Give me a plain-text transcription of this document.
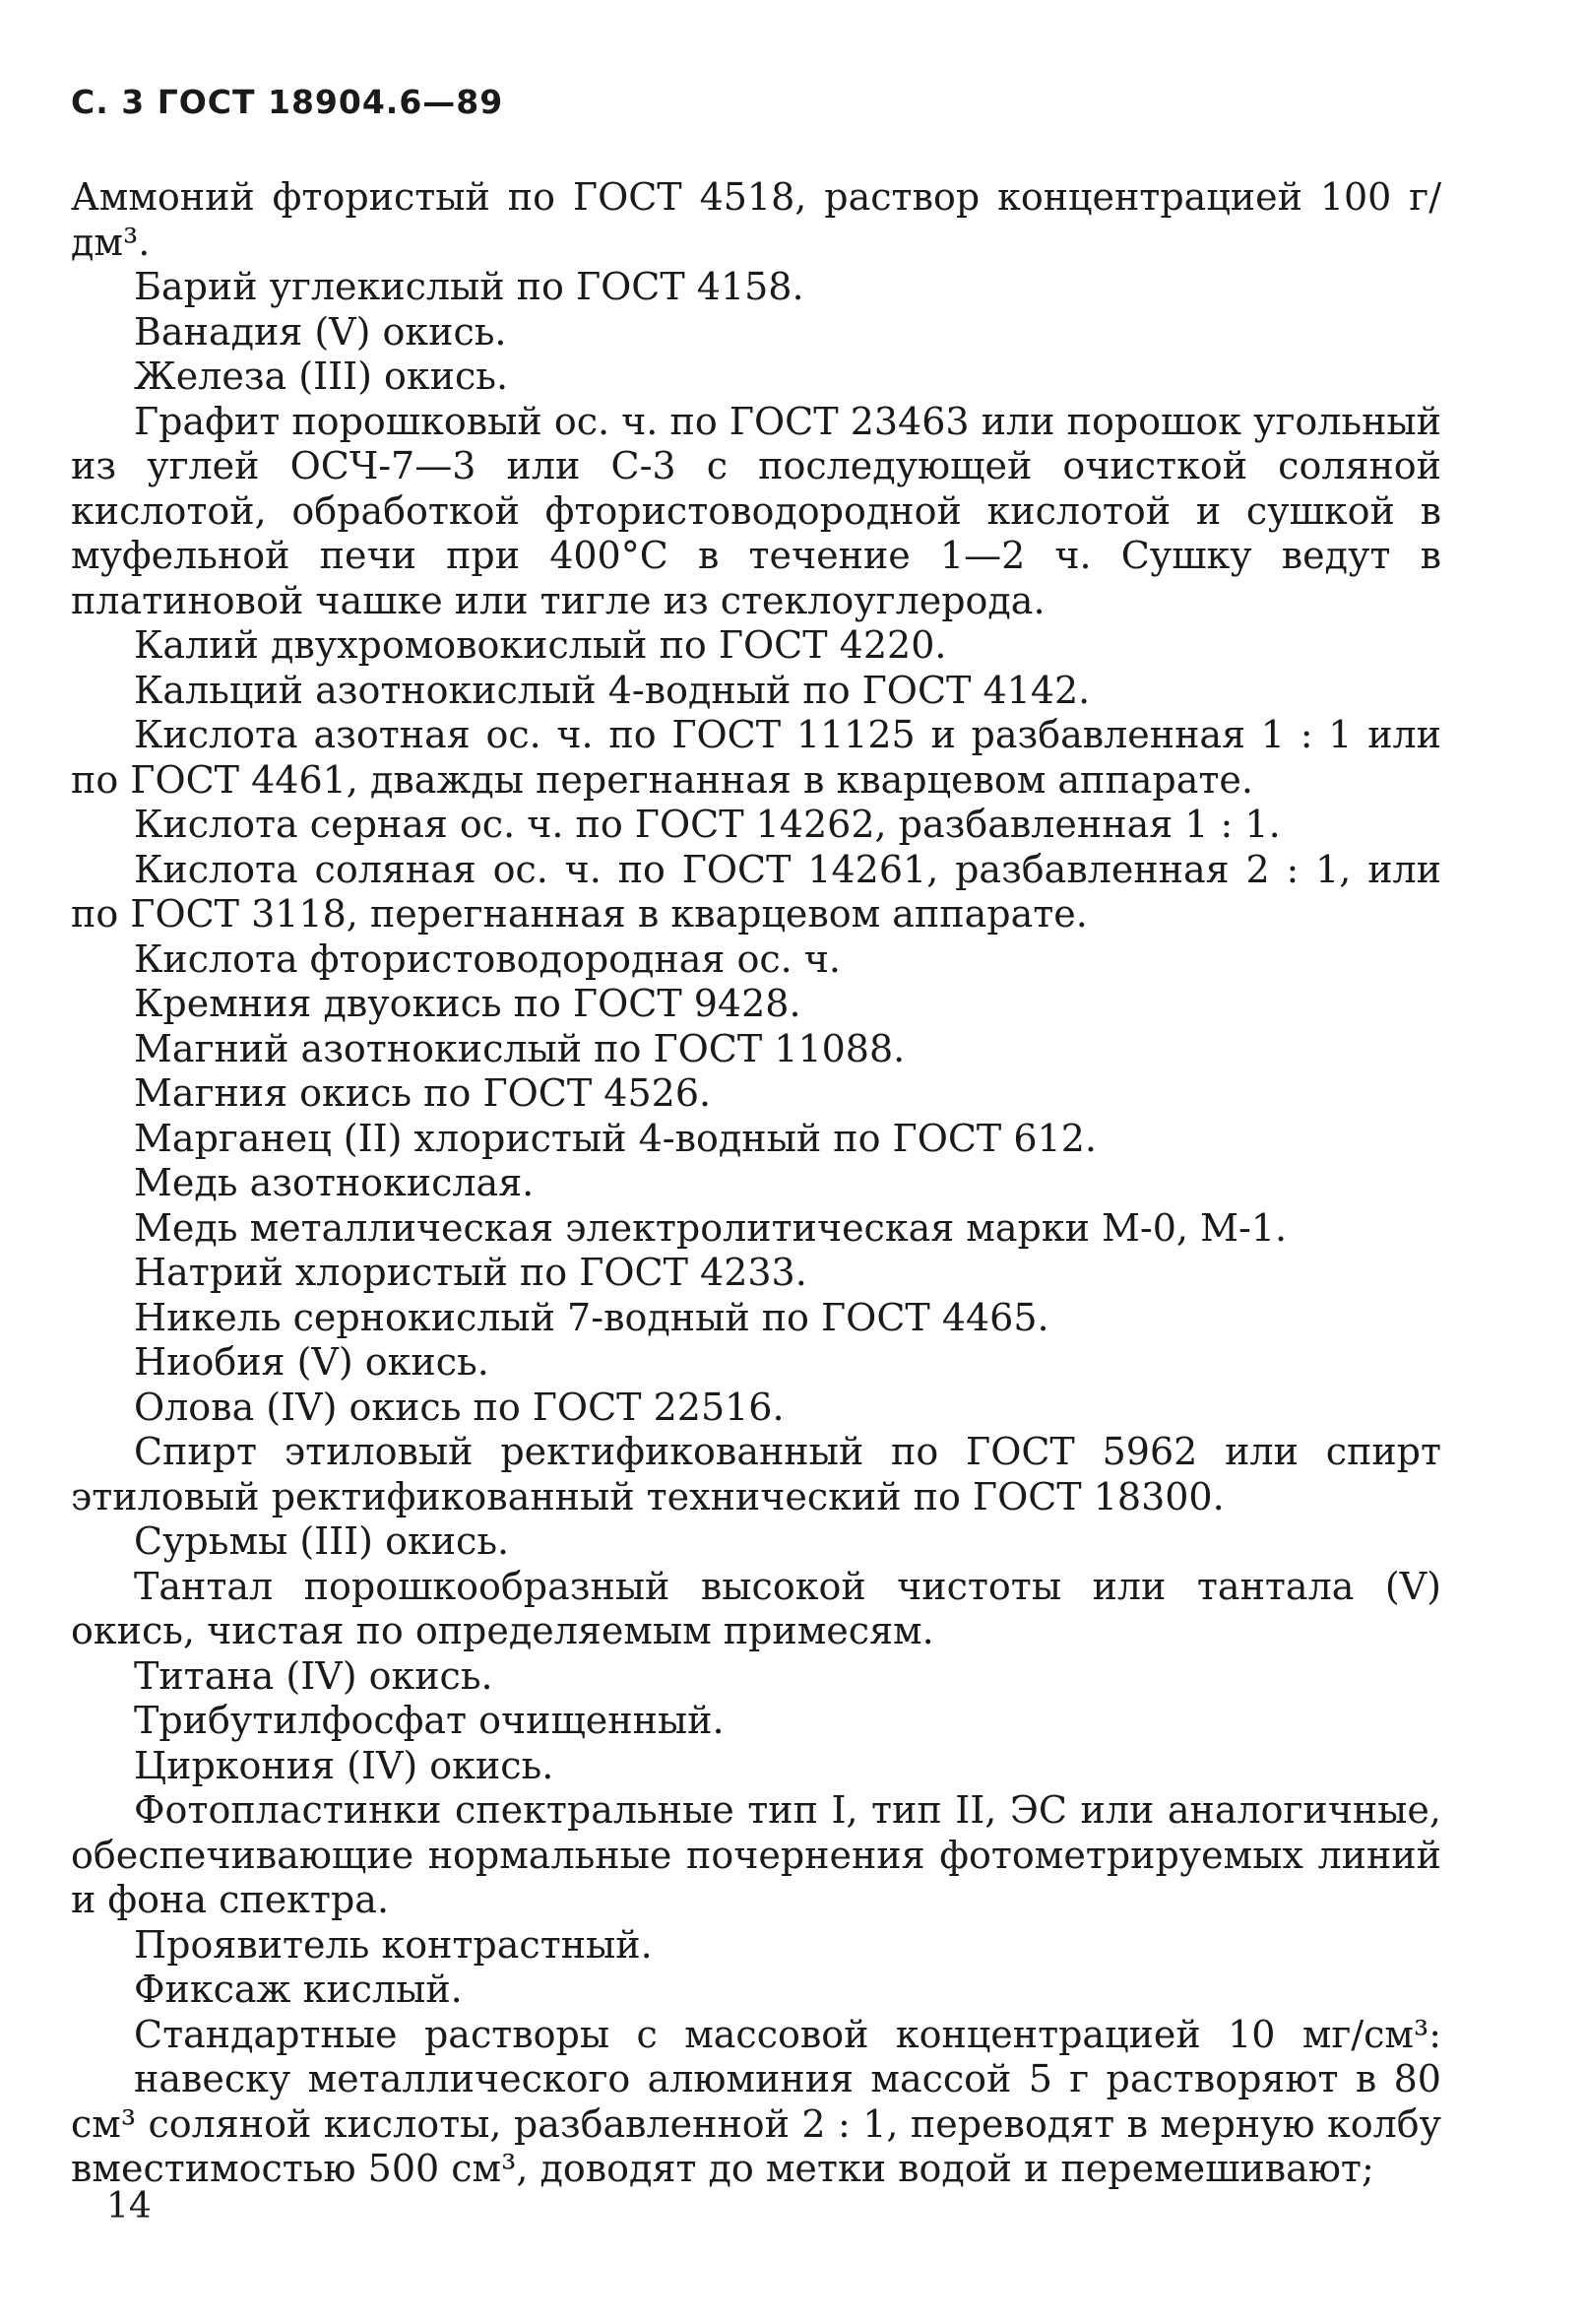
С. 3 ГОСТ 18904.6—89

Аммоний фтористый по ГОСТ 4518, раствор концентрацией 100 г/дм³.

Барий углекислый по ГОСТ 4158.

Ванадия (V) окись.

Железа (III) окись.

Графит порошковый ос. ч. по ГОСТ 23463 или порошок угольный из углей ОСЧ-7—3 или С-3 с последующей очисткой соляной кислотой, обработкой фтористоводородной кислотой и сушкой в муфельной печи при 400°С в течение 1—2 ч. Сушку ведут в платиновой чашке или тигле из стеклоуглерода.

Калий двухромовокислый по ГОСТ 4220.

Кальций азотнокислый 4-водный по ГОСТ 4142.

Кислота азотная ос. ч. по ГОСТ 11125 и разбавленная 1 : 1 или по ГОСТ 4461, дважды перегнанная в кварцевом аппарате.

Кислота серная ос. ч. по ГОСТ 14262, разбавленная 1 : 1.

Кислота соляная ос. ч. по ГОСТ 14261, разбавленная 2 : 1, или по ГОСТ 3118, перегнанная в кварцевом аппарате.

Кислота фтористоводородная ос. ч.

Кремния двуокись по ГОСТ 9428.

Магний азотнокислый по ГОСТ 11088.

Магния окись по ГОСТ 4526.

Марганец (II) хлористый 4-водный по ГОСТ 612.

Медь азотнокислая.

Медь металлическая электролитическая марки М-0, М-1.

Натрий хлористый по ГОСТ 4233.

Никель сернокислый 7-водный по ГОСТ 4465.

Ниобия (V) окись.

Олова (IV) окись по ГОСТ 22516.

Спирт этиловый ректификованный по ГОСТ 5962 или спирт этиловый ректификованный технический по ГОСТ 18300.

Сурьмы (III) окись.

Тантал порошкообразный высокой чистоты или тантала (V) окись, чистая по определяемым примесям.

Титана (IV) окись.

Трибутилфосфат очищенный.

Циркония (IV) окись.

Фотопластинки спектральные тип I, тип II, ЭС или аналогичные, обеспечивающие нормальные почернения фотометрируемых линий и фона спектра.

Проявитель контрастный.

Фиксаж кислый.

Стандартные растворы с массовой концентрацией 10 мг/см³:

навеску металлического алюминия массой 5 г растворяют в 80 см³ соляной кислоты, разбавленной 2 : 1, переводят в мерную колбу вместимостью 500 см³, доводят до метки водой и перемешивают;

14
